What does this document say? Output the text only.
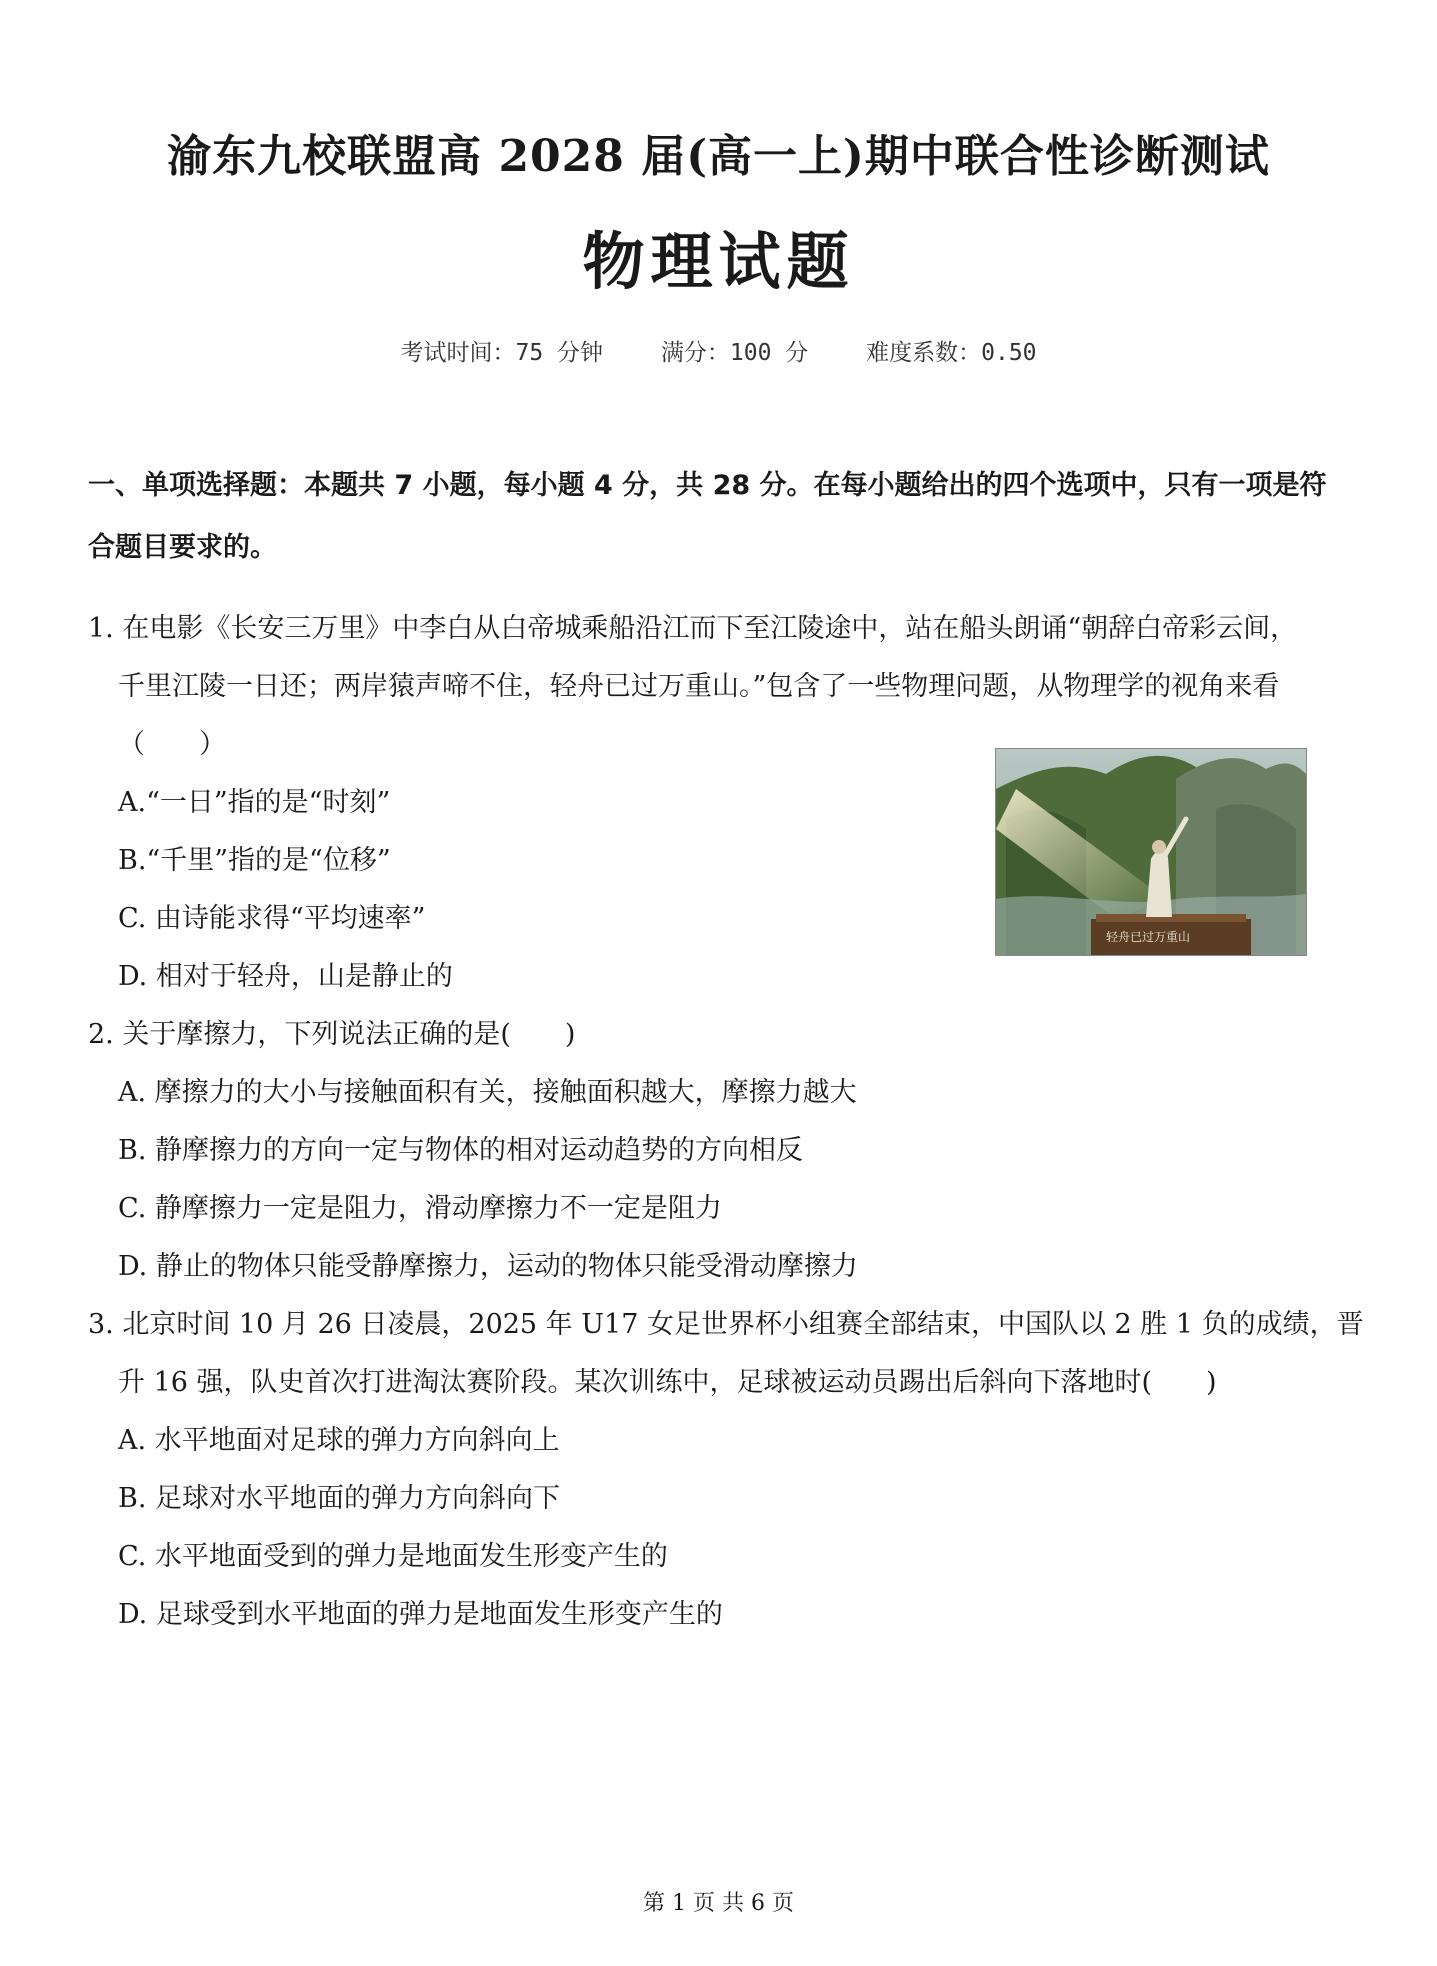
渝东九校联盟高 2028 届(高一上)期中联合性诊断测试
物理试题
考试时间：75 分钟	满分：100 分	难度系数：0.50
一、单项选择题：本题共 7 小题，每小题 4 分，共 28 分。在每小题给出的四个选项中，只有一项是符
合题目要求的。
1. 在电影《长安三万里》中李白从白帝城乘船沿江而下至江陵途中，站在船头朗诵“朝辞白帝彩云间，
千里江陵一日还；两岸猿声啼不住，轻舟已过万重山。”包含了一些物理问题，从物理学的视角来看
（　　）
A.“一日”指的是“时刻”
B.“千里”指的是“位移”
C. 由诗能求得“平均速率”
D. 相对于轻舟，山是静止的
轻舟已过万重山
2. 关于摩擦力，下列说法正确的是(　　)
A. 摩擦力的大小与接触面积有关，接触面积越大，摩擦力越大
B. 静摩擦力的方向一定与物体的相对运动趋势的方向相反
C. 静摩擦力一定是阻力，滑动摩擦力不一定是阻力
D. 静止的物体只能受静摩擦力，运动的物体只能受滑动摩擦力
3. 北京时间 10 月 26 日凌晨，2025 年 U17 女足世界杯小组赛全部结束，中国队以 2 胜 1 负的成绩，晋
升 16 强，队史首次打进淘汰赛阶段。某次训练中，足球被运动员踢出后斜向下落地时(　　)
A. 水平地面对足球的弹力方向斜向上
B. 足球对水平地面的弹力方向斜向下
C. 水平地面受到的弹力是地面发生形变产生的
D. 足球受到水平地面的弹力是地面发生形变产生的
第 1 页 共 6 页
